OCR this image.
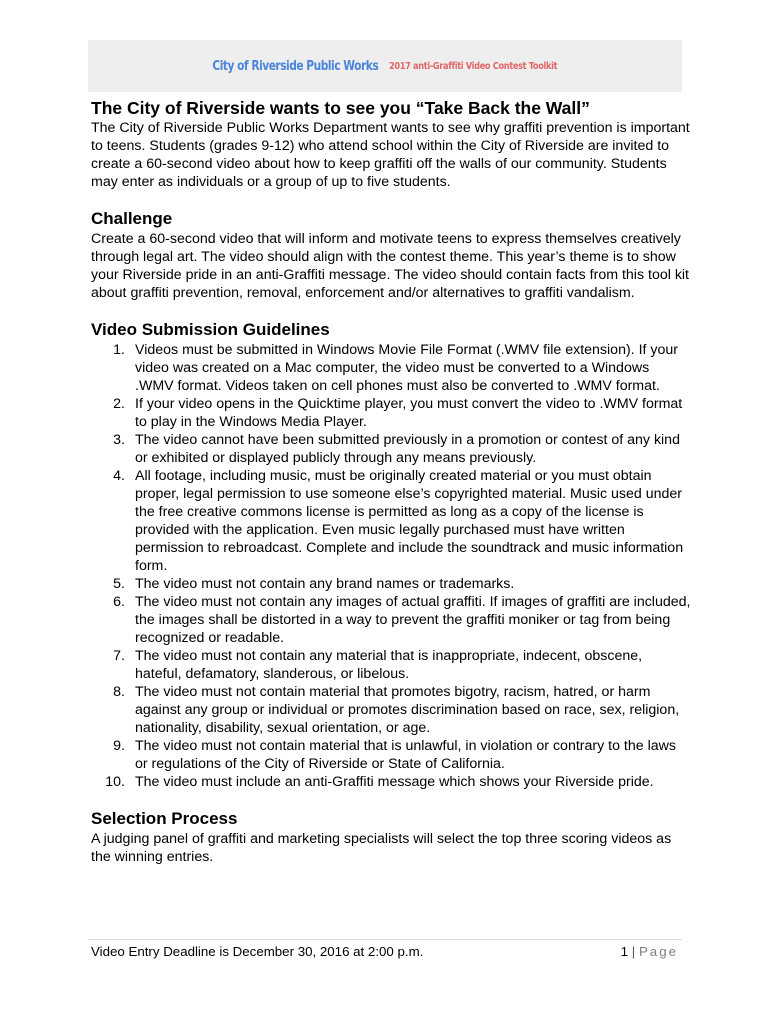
City of Riverside Public Works 2017 anti-Graffiti Video Contest Toolkit
The City of Riverside wants to see you “Take Back the Wall”

The City of Riverside Public Works Department wants to see why graffiti prevention is important to teens. Students (grades 9-12) who attend school within the City of Riverside are invited to create a 60-second video about how to keep graffiti off the walls of our community. Students may enter as individuals or a group of up to five students.

Challenge

Create a 60-second video that will inform and motivate teens to express themselves creatively through legal art. The video should align with the contest theme. This year’s theme is to show your Riverside pride in an anti-Graffiti message. The video should contain facts from this tool kit about graffiti prevention, removal, enforcement and/or alternatives to graffiti vandalism.

Video Submission Guidelines
1. Videos must be submitted in Windows Movie File Format (.WMV file extension). If your video was created on a Mac computer, the video must be converted to a Windows .WMV format. Videos taken on cell phones must also be converted to .WMV format.
2. If your video opens in the Quicktime player, you must convert the video to .WMV format to play in the Windows Media Player.
3. The video cannot have been submitted previously in a promotion or contest of any kind or exhibited or displayed publicly through any means previously.
4. All footage, including music, must be originally created material or you must obtain proper, legal permission to use someone else’s copyrighted material. Music used under the free creative commons license is permitted as long as a copy of the license is provided with the application. Even music legally purchased must have written permission to rebroadcast. Complete and include the soundtrack and music information form.
5. The video must not contain any brand names or trademarks.
6. The video must not contain any images of actual graffiti. If images of graffiti are included, the images shall be distorted in a way to prevent the graffiti moniker or tag from being recognized or readable.
7. The video must not contain any material that is inappropriate, indecent, obscene, hateful, defamatory, slanderous, or libelous.
8. The video must not contain material that promotes bigotry, racism, hatred, or harm against any group or individual or promotes discrimination based on race, sex, religion, nationality, disability, sexual orientation, or age.
9. The video must not contain material that is unlawful, in violation or contrary to the laws or regulations of the City of Riverside or State of California.
10. The video must include an anti-Graffiti message which shows your Riverside pride.
Selection Process

A judging panel of graffiti and marketing specialists will select the top three scoring videos as the winning entries.

Video Entry Deadline is December 30, 2016 at 2:00 p.m.	1 | Page
